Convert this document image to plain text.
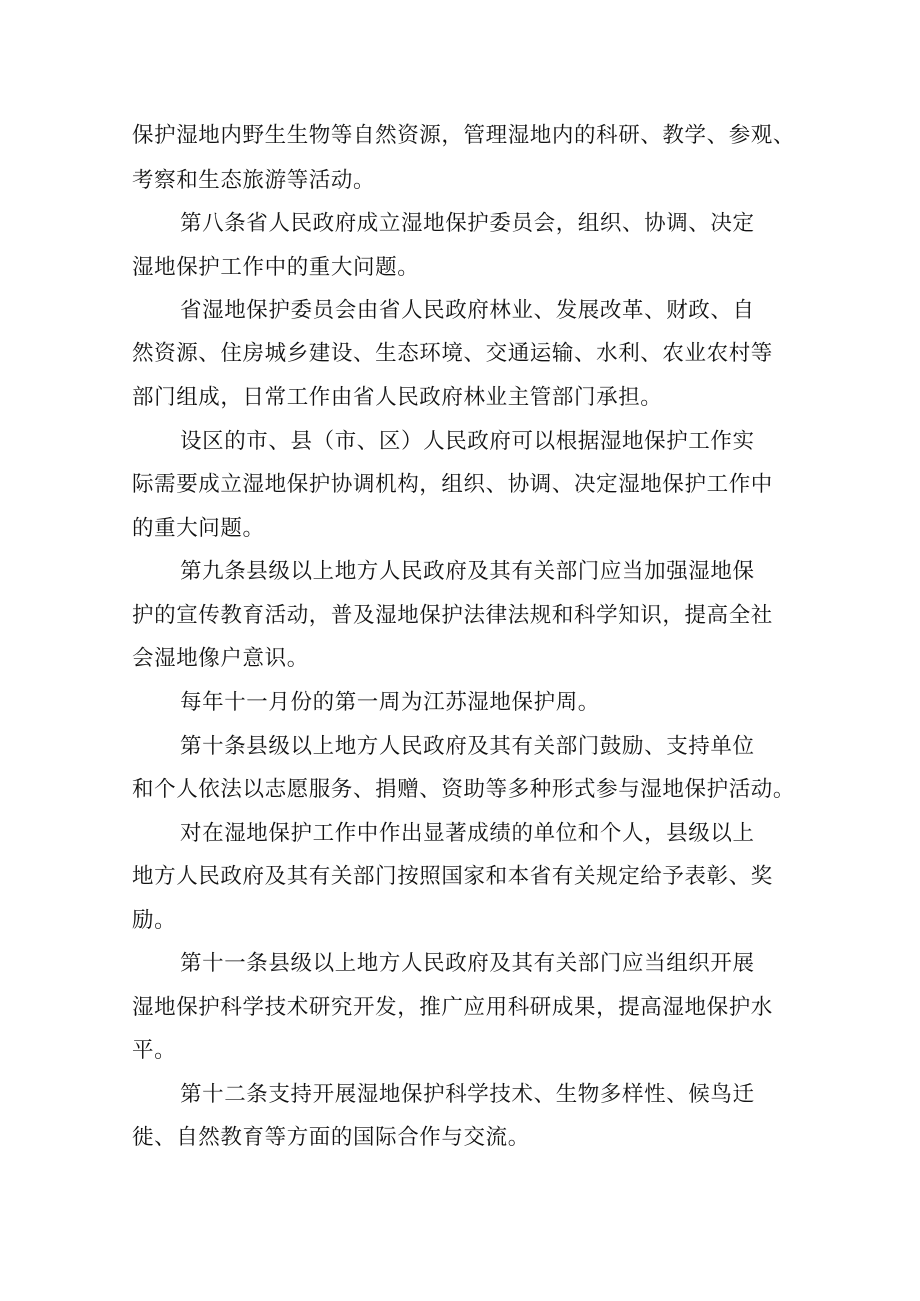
保护湿地内野生生物等自然资源，管理湿地内的科研、教学、参观、
考察和生态旅游等活动。
第八条省人民政府成立湿地保护委员会，组织、协调、决定
湿地保护工作中的重大问题。
省湿地保护委员会由省人民政府林业、发展改革、财政、自
然资源、住房城乡建设、生态环境、交通运输、水利、农业农村等
部门组成，日常工作由省人民政府林业主管部门承担。
设区的市、县（市、区）人民政府可以根据湿地保护工作实
际需要成立湿地保护协调机构，组织、协调、决定湿地保护工作中
的重大问题。
第九条县级以上地方人民政府及其有关部门应当加强湿地保
护的宣传教育活动，普及湿地保护法律法规和科学知识，提高全社
会湿地像户意识。
每年十一月份的第一周为江苏湿地保护周。
第十条县级以上地方人民政府及其有关部门鼓励、支持单位
和个人依法以志愿服务、捐赠、资助等多种形式参与湿地保护活动。
对在湿地保护工作中作出显著成绩的单位和个人，县级以上
地方人民政府及其有关部门按照国家和本省有关规定给予表彰、奖
励。
第十一条县级以上地方人民政府及其有关部门应当组织开展
湿地保护科学技术研究开发，推广应用科研成果，提高湿地保护水
平。
第十二条支持开展湿地保护科学技术、生物多样性、候鸟迁
徙、自然教育等方面的国际合作与交流。
